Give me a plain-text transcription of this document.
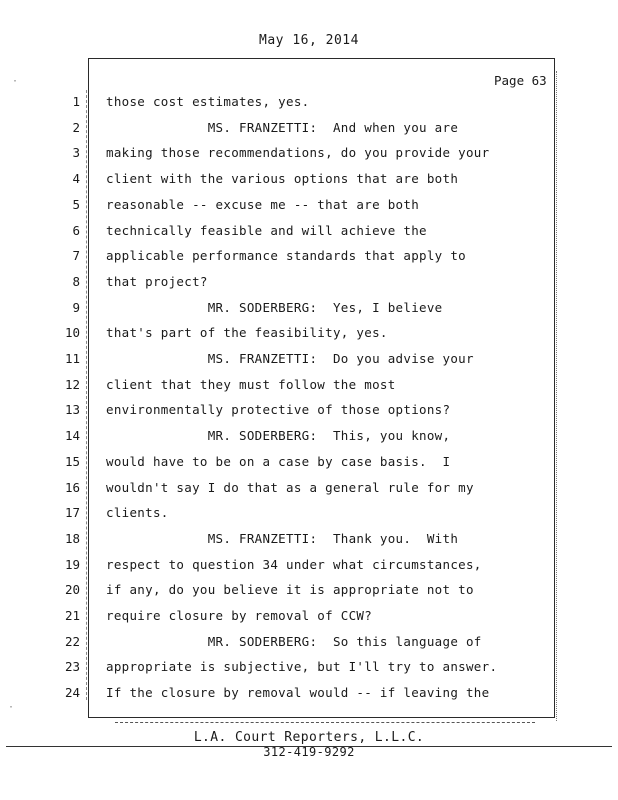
May 16, 2014
Page 63
1 those cost estimates, yes.
2 MS. FRANZETTI:  And when you are
3 making those recommendations, do you provide your
4 client with the various options that are both
5 reasonable -- excuse me -- that are both
6 technically feasible and will achieve the
7 applicable performance standards that apply to
8 that project?
9 MR. SODERBERG:  Yes, I believe
10 that's part of the feasibility, yes.
11 MS. FRANZETTI:  Do you advise your
12 client that they must follow the most
13 environmentally protective of those options?
14 MR. SODERBERG:  This, you know,
15 would have to be on a case by case basis.  I
16 wouldn't say I do that as a general rule for my
17 clients.
18 MS. FRANZETTI:  Thank you.  With
19 respect to question 34 under what circumstances,
20 if any, do you believe it is appropriate not to
21 require closure by removal of CCW?
22 MR. SODERBERG:  So this language of
23 appropriate is subjective, but I'll try to answer.
24 If the closure by removal would -- if leaving the
L.A. Court Reporters, L.L.C.
312-419-9292
·
·
